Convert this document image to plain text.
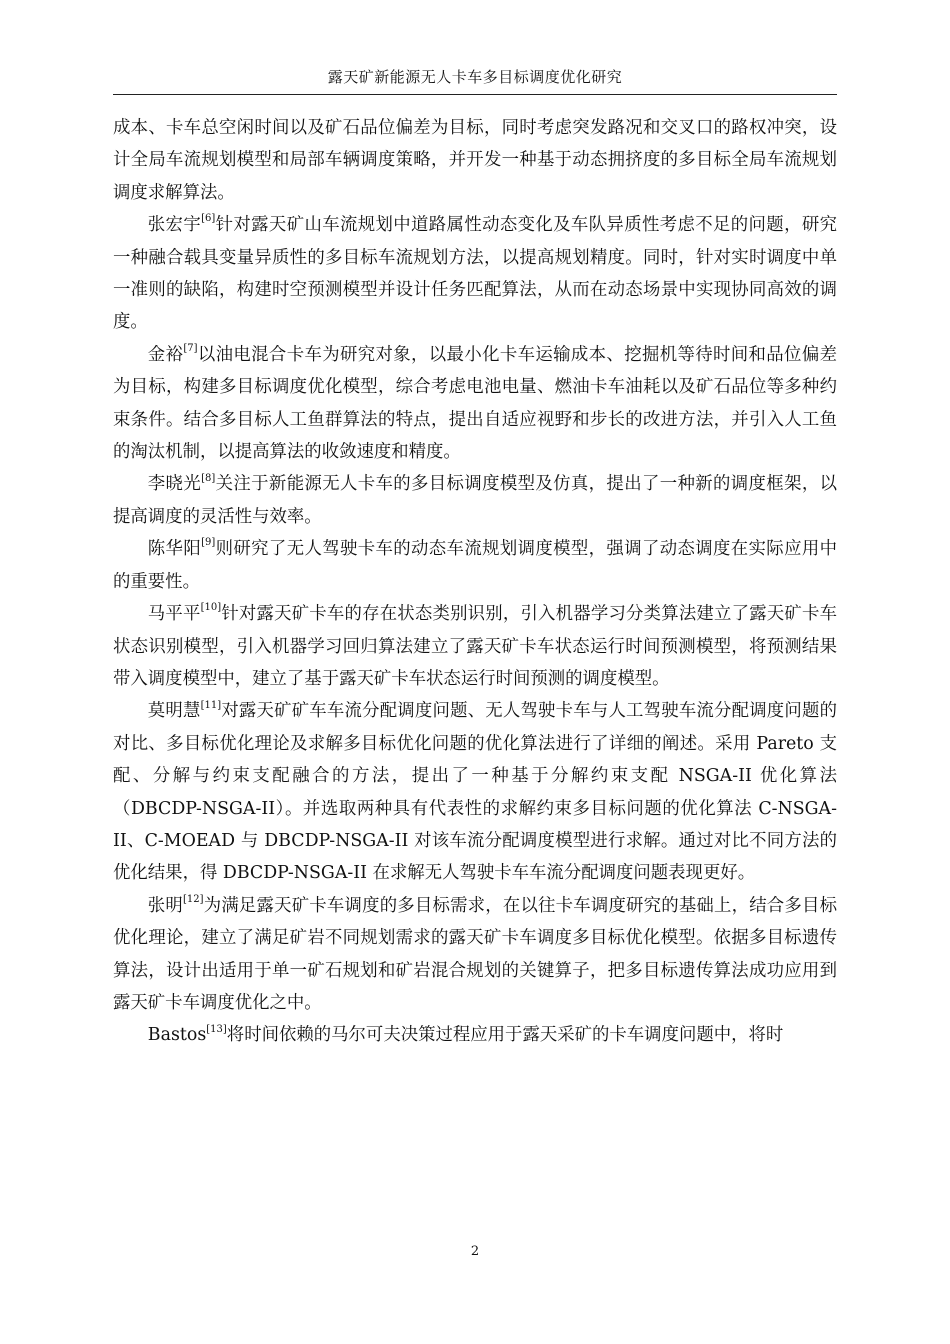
露天矿新能源无人卡车多目标调度优化研究

成本、卡车总空闲时间以及矿石品位偏差为目标，同时考虑突发路况和交叉口的路权冲突，设计全局车流规划模型和局部车辆调度策略，并开发一种基于动态拥挤度的多目标全局车流规划调度求解算法。

张宏宇[6]针对露天矿山车流规划中道路属性动态变化及车队异质性考虑不足的问题，研究一种融合载具变量异质性的多目标车流规划方法，以提高规划精度。同时，针对实时调度中单一准则的缺陷，构建时空预测模型并设计任务匹配算法，从而在动态场景中实现协同高效的调度。

金裕[7]以油电混合卡车为研究对象，以最小化卡车运输成本、挖掘机等待时间和品位偏差为目标，构建多目标调度优化模型，综合考虑电池电量、燃油卡车油耗以及矿石品位等多种约束条件。结合多目标人工鱼群算法的特点，提出自适应视野和步长的改进方法，并引入人工鱼的淘汰机制，以提高算法的收敛速度和精度。

李晓光[8]关注于新能源无人卡车的多目标调度模型及仿真，提出了一种新的调度框架，以提高调度的灵活性与效率。

陈华阳[9]则研究了无人驾驶卡车的动态车流规划调度模型，强调了动态调度在实际应用中的重要性。

马平平[10]针对露天矿卡车的存在状态类别识别，引入机器学习分类算法建立了露天矿卡车状态识别模型，引入机器学习回归算法建立了露天矿卡车状态运行时间预测模型，将预测结果带入调度模型中，建立了基于露天矿卡车状态运行时间预测的调度模型。

莫明慧[11]对露天矿矿车车流分配调度问题、无人驾驶卡车与人工驾驶车流分配调度问题的对比、多目标优化理论及求解多目标优化问题的优化算法进行了详细的阐述。采用 Pareto 支配、分解与约束支配融合的方法，提出了一种基于分解约束支配 NSGA-II 优化算法（DBCDP-NSGA-II）。并选取两种具有代表性的求解约束多目标问题的优化算法 C-NSGA-II、C-MOEAD 与 DBCDP-NSGA-II 对该车流分配调度模型进行求解。通过对比不同方法的优化结果，得 DBCDP-NSGA-II 在求解无人驾驶卡车车流分配调度问题表现更好。

张明[12]为满足露天矿卡车调度的多目标需求，在以往卡车调度研究的基础上，结合多目标优化理论，建立了满足矿岩不同规划需求的露天矿卡车调度多目标优化模型。依据多目标遗传算法，设计出适用于单一矿石规划和矿岩混合规划的关键算子，把多目标遗传算法成功应用到露天矿卡车调度优化之中。

Bastos[13]将时间依赖的马尔可夫决策过程应用于露天采矿的卡车调度问题中，将时

2
